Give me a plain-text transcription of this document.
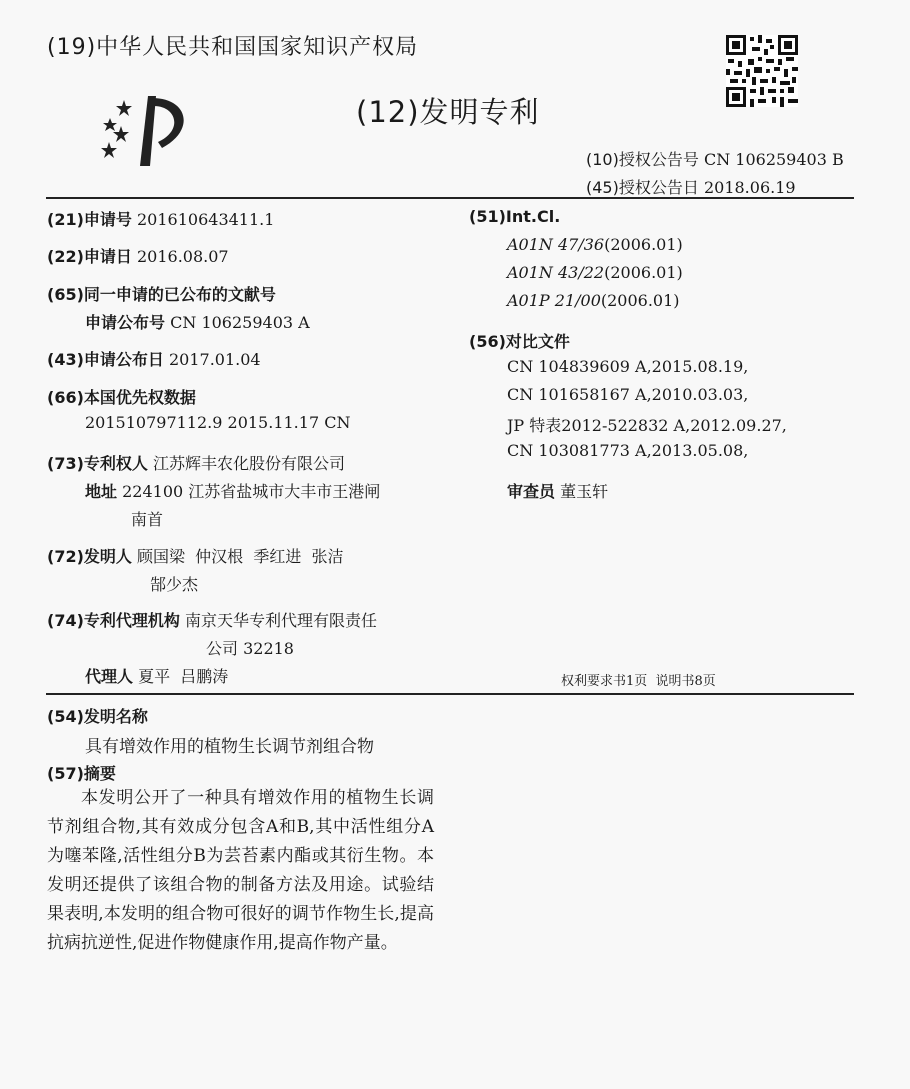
(19)中华人民共和国国家知识产权局
(12)发明专利
(10)授权公告号 CN 106259403 B
(45)授权公告日 2018.06.19
(21)申请号 201610643411.1
(22)申请日 2016.08.07
(65)同一申请的已公布的文献号
申请公布号 CN 106259403 A
(43)申请公布日 2017.01.04
(66)本国优先权数据
201510797112.9 2015.11.17 CN
(73)专利权人 江苏辉丰农化股份有限公司
地址 224100 江苏省盐城市大丰市王港闸
南首
(72)发明人 顾国梁  仲汉根  季红进  张洁
郜少杰
(74)专利代理机构 南京天华专利代理有限责任
公司 32218
代理人 夏平  吕鹏涛
(51)Int.Cl.
A01N 47/36(2006.01)
A01N 43/22(2006.01)
A01P 21/00(2006.01)
(56)对比文件
CN 104839609 A,2015.08.19,
CN 101658167 A,2010.03.03,
JP 特表2012-522832 A,2012.09.27,
CN 103081773 A,2013.05.08,
审查员 董玉轩
权利要求书1页  说明书8页
(54)发明名称
具有增效作用的植物生长调节剂组合物
(57)摘要

本发明公开了一种具有增效作用的植物生长调节剂组合物,其有效成分包含A和B,其中活性组分A为噻苯隆,活性组分B为芸苔素内酯或其衍生物。本发明还提供了该组合物的制备方法及用途。试验结果表明,本发明的组合物可很好的调节作物生长,提高抗病抗逆性,促进作物健康作用,提高作物产量。
